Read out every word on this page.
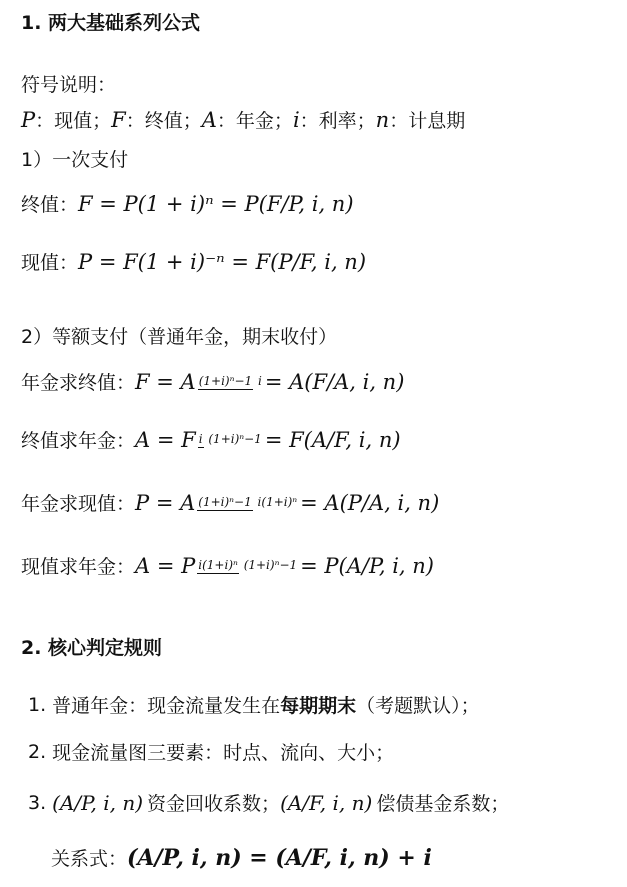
1. 两大基础系列公式
符号说明：
P ：现值； F ：终值； A ：年金； i ：利率； n ：计息期
1）一次支付
终值： F = P(1 + i)ⁿ = P(F/P, i, n)
现值： P = F(1 + i)⁻ⁿ = F(P/F, i, n)
2）等额支付（普通年金，期末收付）
年金求终值： F = A (1+i)ⁿ−1 i = A(F/A, i, n)
终值求年金： A = F i (1+i)ⁿ−1 = F(A/F, i, n)
年金求现值： P = A (1+i)ⁿ−1 i(1+i)ⁿ = A(P/A, i, n)
现值求年金： A = P i(1+i)ⁿ (1+i)ⁿ−1 = P(A/P, i, n)
2. 核心判定规则
1. 普通年金：现金流量发生在 每期期末 （考题默认）；
2. 现金流量图三要素：时点、流向、大小；
3. (A/P, i, n) 资金回收系数； (A/F, i, n) 偿债基金系数；
关系式： (A/P, i, n) = (A/F, i, n) + i
